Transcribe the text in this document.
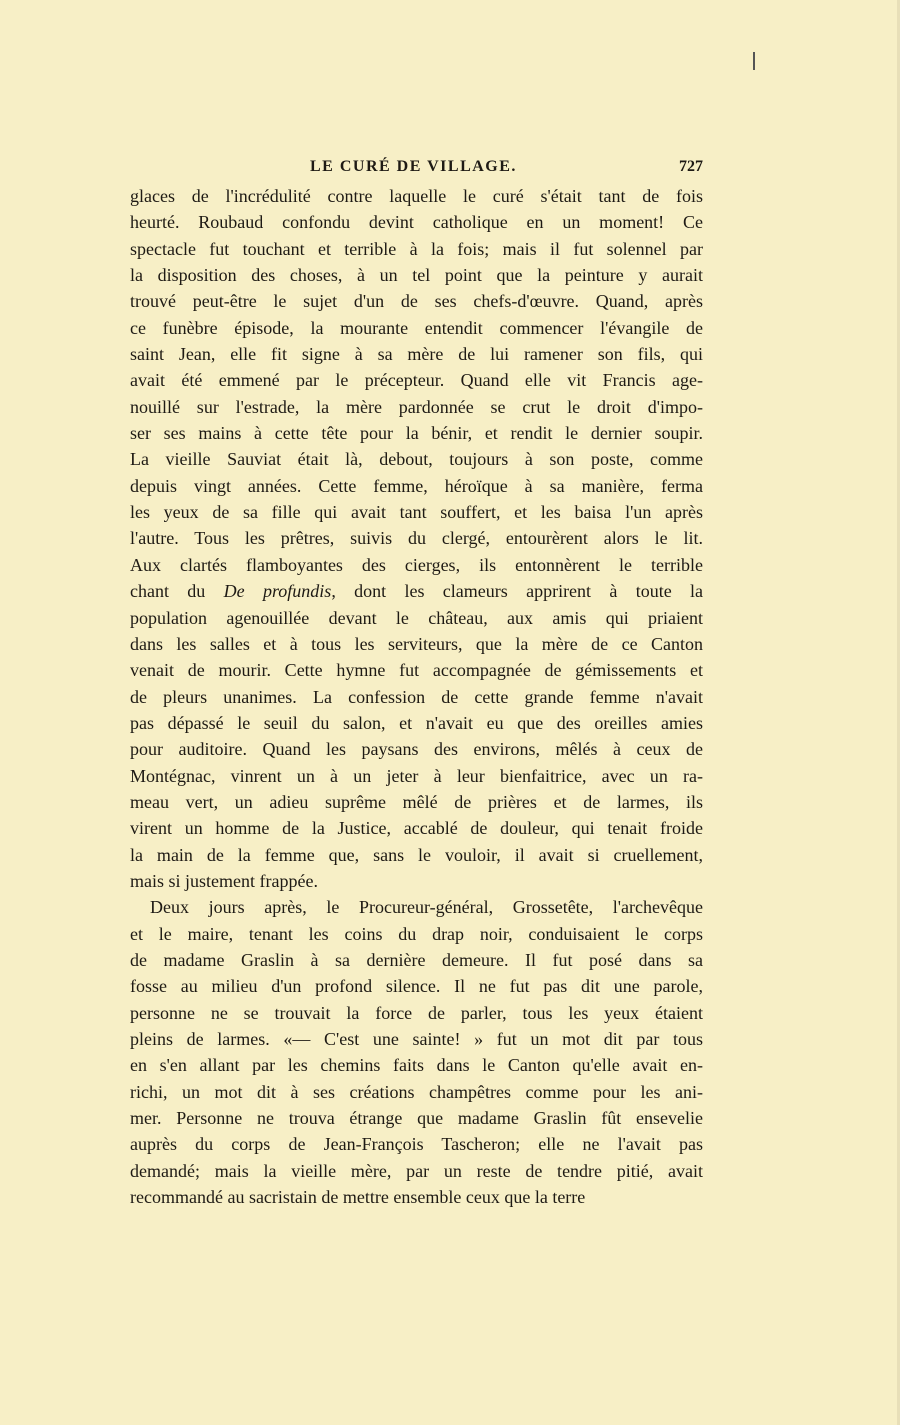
LE CURÉ DE VILLAGE.	727
glaces de l'incrédulité contre laquelle le curé s'était tant de fois
heurté. Roubaud confondu devint catholique en un moment! Ce
spectacle fut touchant et terrible à la fois; mais il fut solennel par
la disposition des choses, à un tel point que la peinture y aurait
trouvé peut-être le sujet d'un de ses chefs-d'œuvre. Quand, après
ce funèbre épisode, la mourante entendit commencer l'évangile de
saint Jean, elle fit signe à sa mère de lui ramener son fils, qui
avait été emmené par le précepteur. Quand elle vit Francis age-
nouillé sur l'estrade, la mère pardonnée se crut le droit d'impo-
ser ses mains à cette tête pour la bénir, et rendit le dernier soupir.
La vieille Sauviat était là, debout, toujours à son poste, comme
depuis vingt années. Cette femme, héroïque à sa manière, ferma
les yeux de sa fille qui avait tant souffert, et les baisa l'un après
l'autre. Tous les prêtres, suivis du clergé, entourèrent alors le lit.
Aux clartés flamboyantes des cierges, ils entonnèrent le terrible
chant du De profundis, dont les clameurs apprirent à toute la
population agenouillée devant le château, aux amis qui priaient
dans les salles et à tous les serviteurs, que la mère de ce Canton
venait de mourir. Cette hymne fut accompagnée de gémissements et
de pleurs unanimes. La confession de cette grande femme n'avait
pas dépassé le seuil du salon, et n'avait eu que des oreilles amies
pour auditoire. Quand les paysans des environs, mêlés à ceux de
Montégnac, vinrent un à un jeter à leur bienfaitrice, avec un ra-
meau vert, un adieu suprême mêlé de prières et de larmes, ils
virent un homme de la Justice, accablé de douleur, qui tenait froide
la main de la femme que, sans le vouloir, il avait si cruellement,
mais si justement frappée.
Deux jours après, le Procureur-général, Grossetête, l'archevêque
et le maire, tenant les coins du drap noir, conduisaient le corps
de madame Graslin à sa dernière demeure. Il fut posé dans sa
fosse au milieu d'un profond silence. Il ne fut pas dit une parole,
personne ne se trouvait la force de parler, tous les yeux étaient
pleins de larmes. «— C'est une sainte! » fut un mot dit par tous
en s'en allant par les chemins faits dans le Canton qu'elle avait en-
richi, un mot dit à ses créations champêtres comme pour les ani-
mer. Personne ne trouva étrange que madame Graslin fût ensevelie
auprès du corps de Jean-François Tascheron; elle ne l'avait pas
demandé; mais la vieille mère, par un reste de tendre pitié, avait
recommandé au sacristain de mettre ensemble ceux que la terre
